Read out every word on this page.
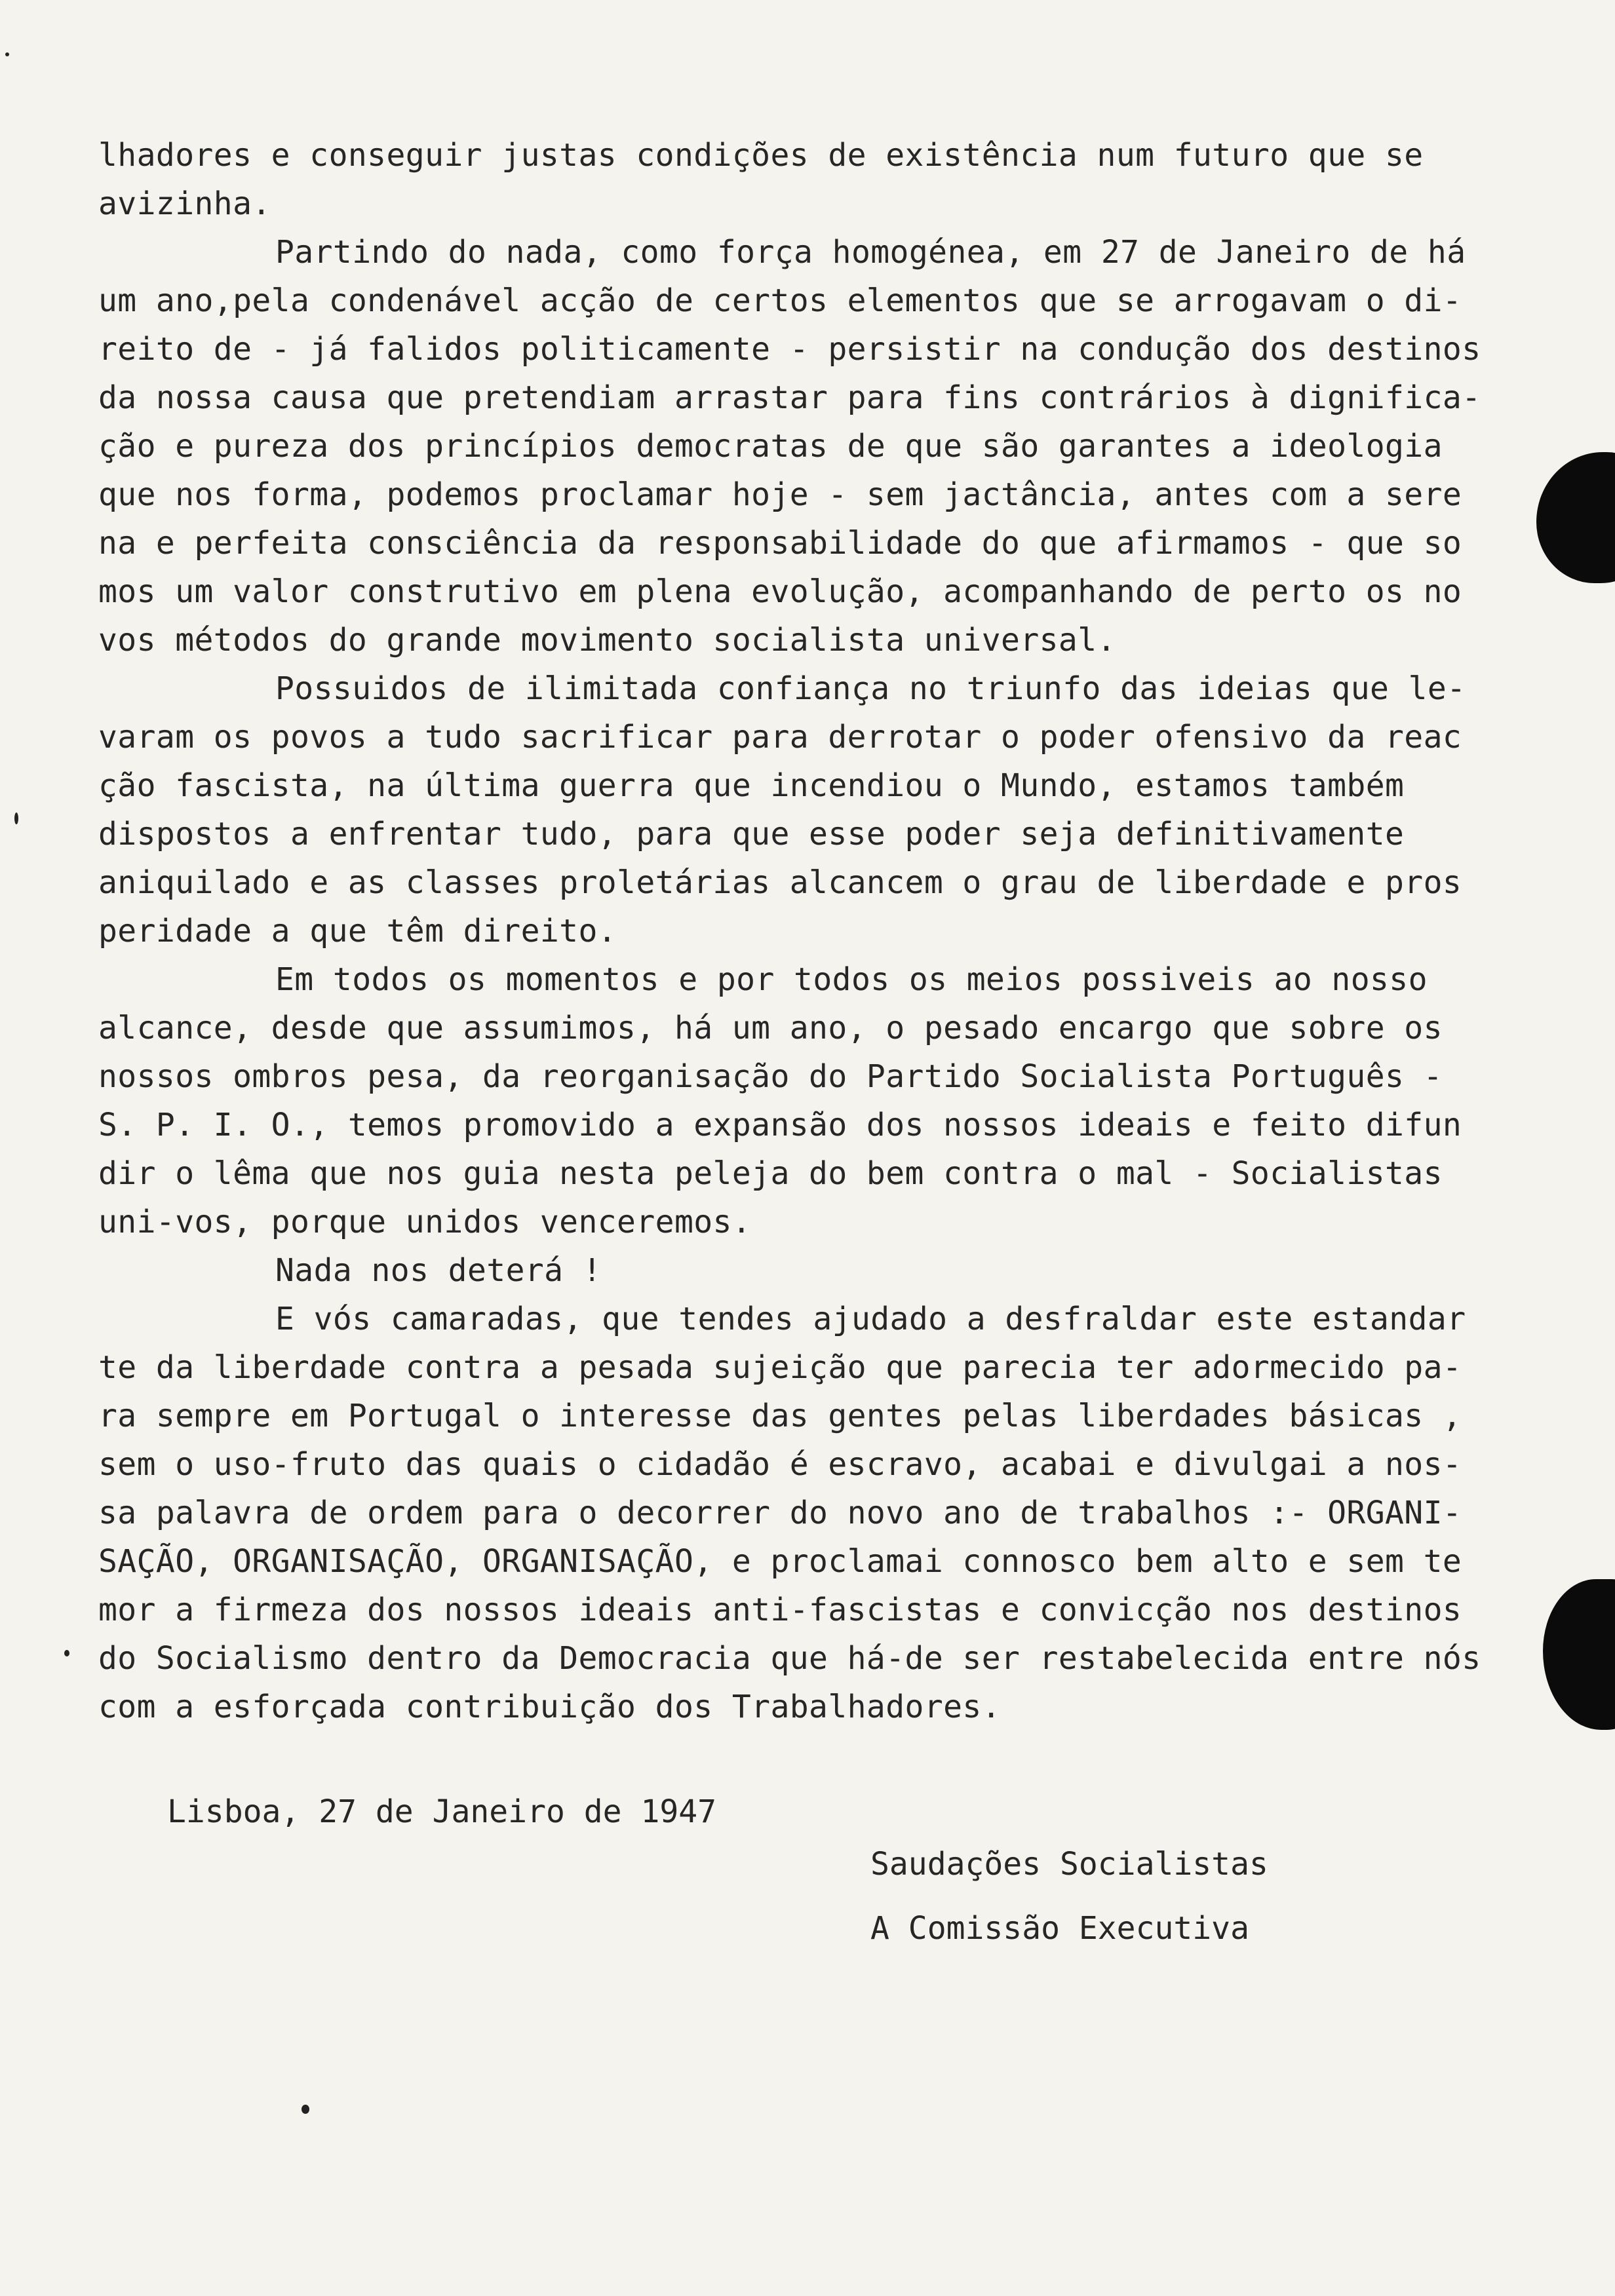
lhadores e conseguir justas condições de existência num futuro que se

avizinha.

Partindo do nada, como força homogénea, em 27 de Janeiro de há

um ano,pela condenável acção de certos elementos que se arrogavam o di-

reito de - já falidos politicamente - persistir na condução dos destinos

da nossa causa que pretendiam arrastar para fins contrários à dignifica-

ção e pureza dos princípios democratas de que são garantes a ideologia

que nos forma, podemos proclamar hoje - sem jactância, antes com a sere

na e perfeita consciência da responsabilidade do que afirmamos - que so

mos um valor construtivo em plena evolução, acompanhando de perto os no

vos métodos do grande movimento socialista universal.

Possuidos de ilimitada confiança no triunfo das ideias que le-

varam os povos a tudo sacrificar para derrotar o poder ofensivo da reac

ção fascista, na última guerra que incendiou o Mundo, estamos também

dispostos a enfrentar tudo, para que esse poder seja definitivamente

aniquilado e as classes proletárias alcancem o grau de liberdade e pros

peridade a que têm direito.

Em todos os momentos e por todos os meios possiveis ao nosso

alcance, desde que assumimos, há um ano, o pesado encargo que sobre os

nossos ombros pesa, da reorganisação do Partido Socialista Português -

S. P. I. O., temos promovido a expansão dos nossos ideais e feito difun

dir o lêma que nos guia nesta peleja do bem contra o mal - Socialistas

uni-vos, porque unidos venceremos.

Nada nos deterá !

E vós camaradas, que tendes ajudado a desfraldar este estandar

te da liberdade contra a pesada sujeição que parecia ter adormecido pa-

ra sempre em Portugal o interesse das gentes pelas liberdades básicas ,

sem o uso-fruto das quais o cidadão é escravo, acabai e divulgai a nos-

sa palavra de ordem para o decorrer do novo ano de trabalhos :- ORGANI-

SAÇÃO, ORGANISAÇÃO, ORGANISAÇÃO, e proclamai connosco bem alto e sem te

mor a firmeza dos nossos ideais anti-fascistas e convicção nos destinos

do Socialismo dentro da Democracia que há-de ser restabelecida entre nós

com a esforçada contribuição dos Trabalhadores.

Lisboa, 27 de Janeiro de 1947
Saudações Socialistas
A Comissão Executiva
